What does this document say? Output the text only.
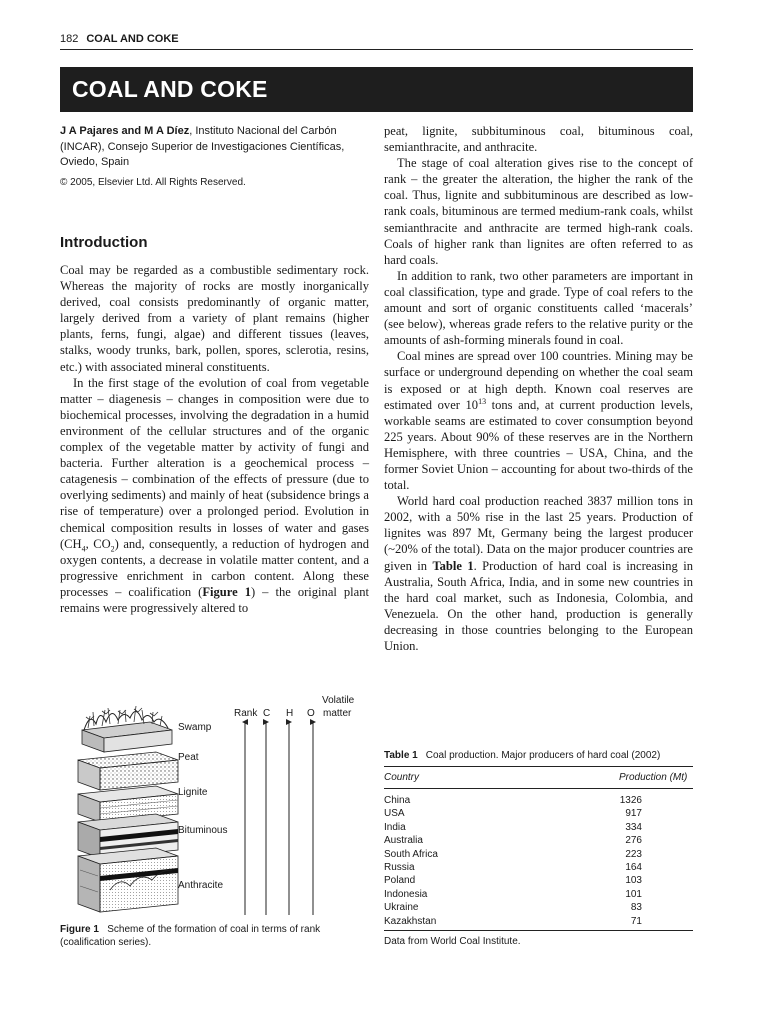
182 COAL AND COKE
COAL AND COKE
J A Pajares and M A Díez, Instituto Nacional del Carbón (INCAR), Consejo Superior de Investigaciones Científicas, Oviedo, Spain
© 2005, Elsevier Ltd. All Rights Reserved.
Introduction

Coal may be regarded as a combustible sedimentary rock. Whereas the majority of rocks are mostly inorganically derived, coal consists predominantly of organic matter, largely derived from a variety of plant remains (higher plants, ferns, fungi, algae) and different tissues (leaves, stalks, woody trunks, bark, pollen, spores, sclerotia, resins, etc.) with associated mineral constituents.

In the first stage of the evolution of coal from vegetable matter – diagenesis – changes in composition were due to biochemical processes, involving the degradation in a humid environment of the cellular structures and of the organic complex of the vegetable matter by activity of fungi and bacteria. Further alteration is a geochemical process – catagenesis – combination of the effects of pressure (due to overlying sediments) and mainly of heat (subsidence brings a rise of temperature) over a prolonged period. Evolution in chemical composition results in losses of water and gases ($CH_4$, $CO_2$) and, consequently, a reduction of hydrogen and oxygen contents, a decrease in volatile matter content, and a progressive enrichment in carbon content. Along these processes – coalification (Figure 1) – the original plant remains were progressively altered to

peat, lignite, subbituminous coal, bituminous coal, semianthracite, and anthracite.

The stage of coal alteration gives rise to the concept of rank – the greater the alteration, the higher the rank of the coal. Thus, lignite and subbituminous are described as low-rank coals, bituminous are termed medium-rank coals, whilst semianthracite and anthracite are termed high-rank coals. Coals of higher rank than lignites are often referred to as hard coals.

In addition to rank, two other parameters are important in coal classification, type and grade. Type of coal refers to the amount and sort of organic constituents called ‘macerals’ (see below), whereas grade refers to the relative purity or the amounts of ash-forming minerals found in coal.

Coal mines are spread over 100 countries. Mining may be surface or underground depending on whether the coal seam is exposed or at high depth. Known coal reserves are estimated over $10^{13}$ tons and, at current production levels, workable seams are estimated to cover consumption beyond 225 years. About 90% of these reserves are in the Northern Hemisphere, with three countries – USA, China, and the former Soviet Union – accounting for about two-thirds of the total.

World hard coal production reached 3837 million tons in 2002, with a 50% rise in the last 25 years. Production of lignites was 897 Mt, Germany being the largest producer (~20% of the total). Data on the major producer countries are given in Table 1. Production of hard coal is increasing in Australia, South Africa, India, and in some new countries in the hard coal market, such as Indonesia, Colombia, and Venezuela. On the other hand, production is generally decreasing in those countries belonging to the European Union.

Rank C H O
Volatile
matter
Swamp
Peat
Lignite
Bituminous
Anthracite
Figure 1 Scheme of the formation of coal in terms of rank (coalification series).
Table 1 Coal production. Major producers of hard coal (2002)
Country	Production (Mt)
China	1326
USA	917
India	334
Australia	276
South Africa	223
Russia	164
Poland	103
Indonesia	101
Ukraine	83
Kazakhstan	71
Data from World Coal Institute.
